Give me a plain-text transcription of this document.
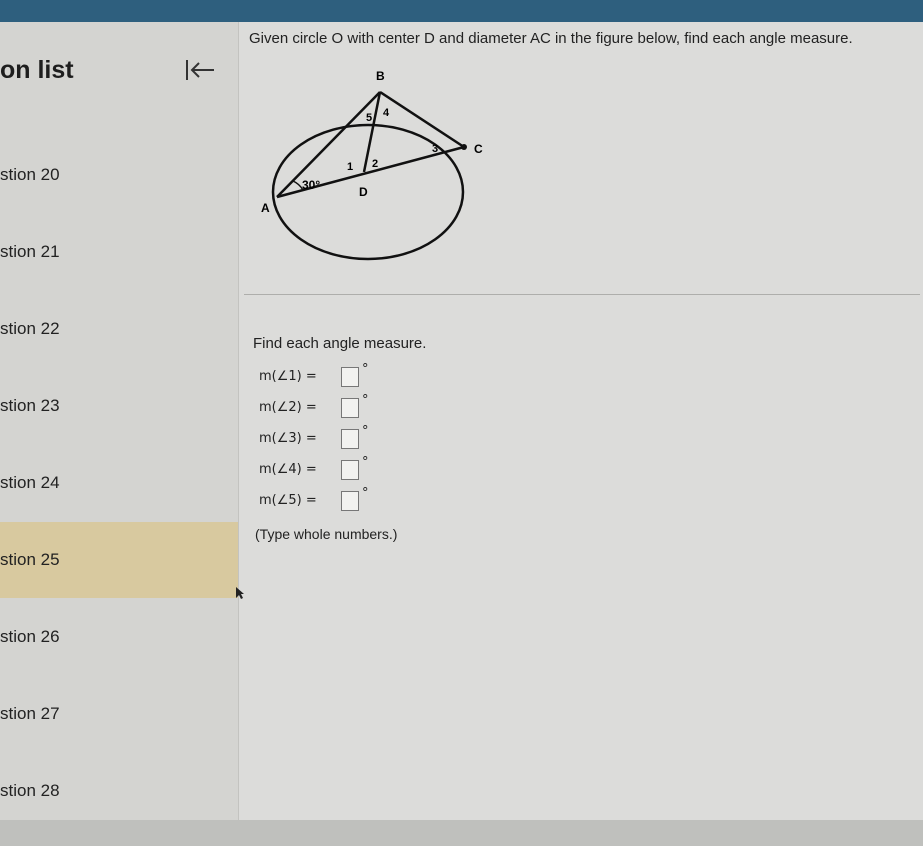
on list
stion 20
stion 21
stion 22
stion 23
stion 24
stion 25
stion 26
stion 27
stion 28
Given circle O with center D and diameter AC in the figure below, find each angle measure.
B
C
A
D
1 2
3
4
5
30°
Find each angle measure.
m(∠1) =	°
m(∠2) =	°
m(∠3) =	°
m(∠4) =	°
m(∠5) =	°
(Type whole numbers.)
